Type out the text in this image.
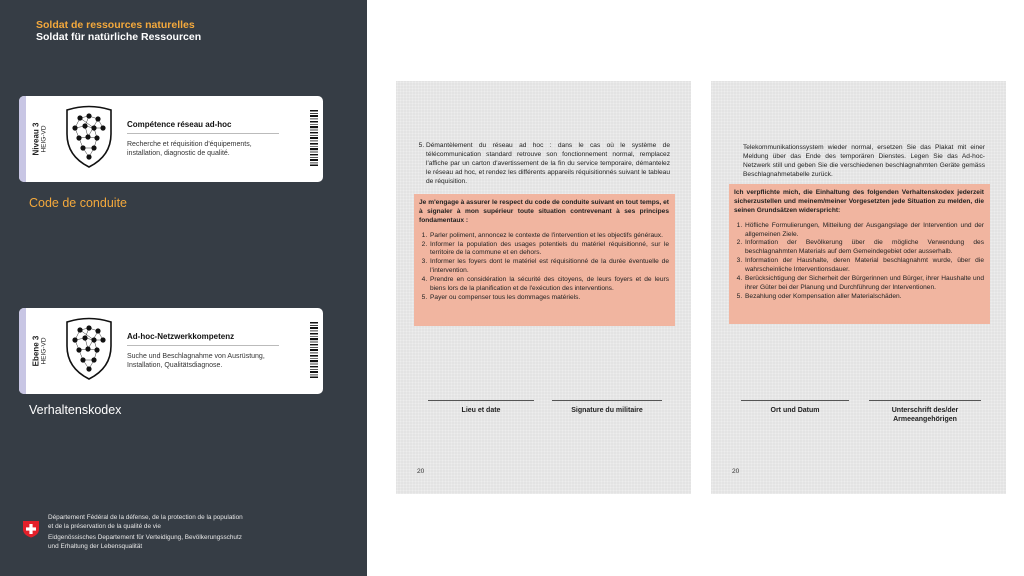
Soldat de ressources naturelles
Soldat für natürliche Ressourcen
Niveau 3 HEIG-VD
Compétence réseau ad-hoc
Recherche et réquisition d'équipements, installation, diagnostic de qualité.
Code de conduite
Ebene 3 HEIG-VD
Ad-hoc-Netzwerkkompetenz
Suche und Beschlagnahme von Ausrüstung, Installation, Qualitätsdiagnose.
Verhaltenskodex

Département Fédéral de la défense, de la protection de la population et de la préservation de la qualité de vie

Eidgenössisches Departement für Verteidigung, Bevölkerungsschutz und Erhaltung der Lebensqualität

5. Démantèlement du réseau ad hoc : dans le cas où le système de télécommunication standard retrouve son fonctionnement normal, remplacez l'affiche par un carton d'avertissement de la fin du service temporaire, démantelez le réseau ad hoc, et rendez les différents appareils réquisitionnés suivant le tableau de réquisition.
Je m'engage à assurer le respect du code de conduite suivant en tout temps, et à signaler à mon supérieur toute situation contrevenant à ses principes fondamentaux :
1. Parler poliment, annoncez le contexte de l'intervention et les objectifs généraux.
2. Informer la population des usages potentiels du matériel réquisitionné, sur le territoire de la commune et en dehors.
3. Informer les foyers dont le matériel est réquisitionné de la durée éventuelle de l'intervention.
4. Prendre en considération la sécurité des citoyens, de leurs foyers et de leurs biens lors de la planification et de l'exécution des interventions.
5. Payer ou compenser tous les dommages matériels.
Lieu et date	Signature du militaire
20
Telekommunikationssystem wieder normal, ersetzen Sie das Plakat mit einer Meldung über das Ende des temporären Dienstes. Legen Sie das Ad-hoc-Netzwerk still und geben Sie die verschiedenen beschlagnahmten Geräte gemäss Beschlagnahmetabelle zurück.
Ich verpflichte mich, die Einhaltung des folgenden Verhaltenskodex jederzeit sicherzustellen und meinem/meiner Vorgesetzten jede Situation zu melden, die seinen Grundsätzen widerspricht:
1. Höfliche Formulierungen, Mitteilung der Ausgangslage der Intervention und der allgemeinen Ziele.
2. Information der Bevölkerung über die mögliche Verwendung des beschlagnahmten Materials auf dem Gemeindegebiet oder ausserhalb.
3. Information der Haushalte, deren Material beschlagnahmt wurde, über die wahrscheinliche Interventionsdauer.
4. Berücksichtigung der Sicherheit der Bürgerinnen und Bürger, ihrer Haushalte und ihrer Güter bei der Planung und Durchführung der Interventionen.
5. Bezahlung oder Kompensation aller Materialschäden.
Ort und Datum	Unterschrift des/der Armeeangehörigen
20
